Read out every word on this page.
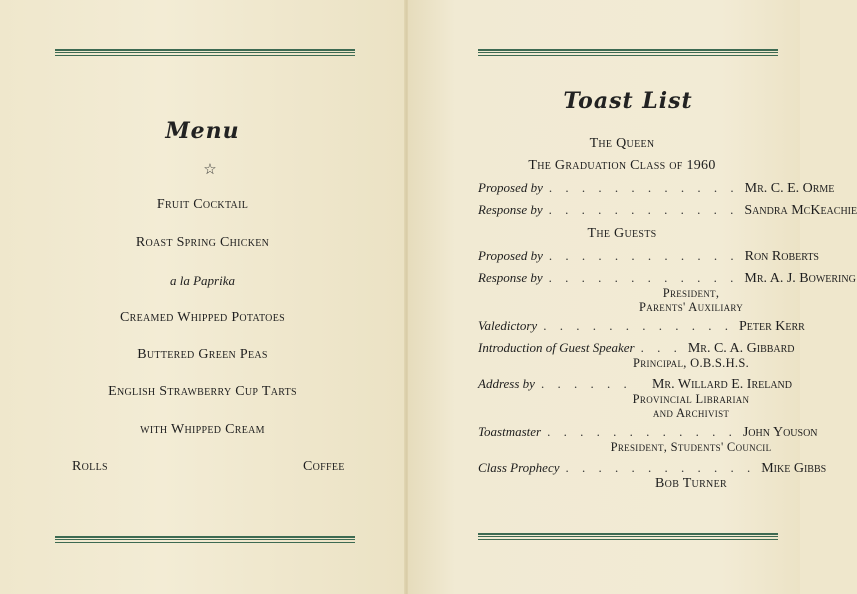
Menu
☆
Fruit Cocktail
Roast Spring Chicken
a la Paprika
Creamed Whipped Potatoes
Buttered Green Peas
English Strawberry Cup Tarts
with Whipped Cream
Rolls	Coffee
Toast List
The Queen
The Graduation Class of 1960
Proposed by . . . . . . . . . . . . Mr. C. E. Orme
Response by . . . . . . . . . . . . Sandra McKeachie
The Guests
Proposed by . . . . . . . . . . . . Ron Roberts
Response by . . . . . . . . . . . . Mr. A. J. Bowering
President,
Parents' Auxiliary
Valedictory . . . . . . . . . . . . Peter Kerr
Introduction of Guest Speaker . . . Mr. C. A. Gibbard
Principal, O.B.S.H.S.
Address by . . . . . .	Mr. Willard E. Ireland
Provincial Librarian
and Archivist
Toastmaster . . . . . . . . . . . . John Youson
President, Students' Council
Class Prophecy . . . . . . . . . . . . Mike Gibbs
Bob Turner
